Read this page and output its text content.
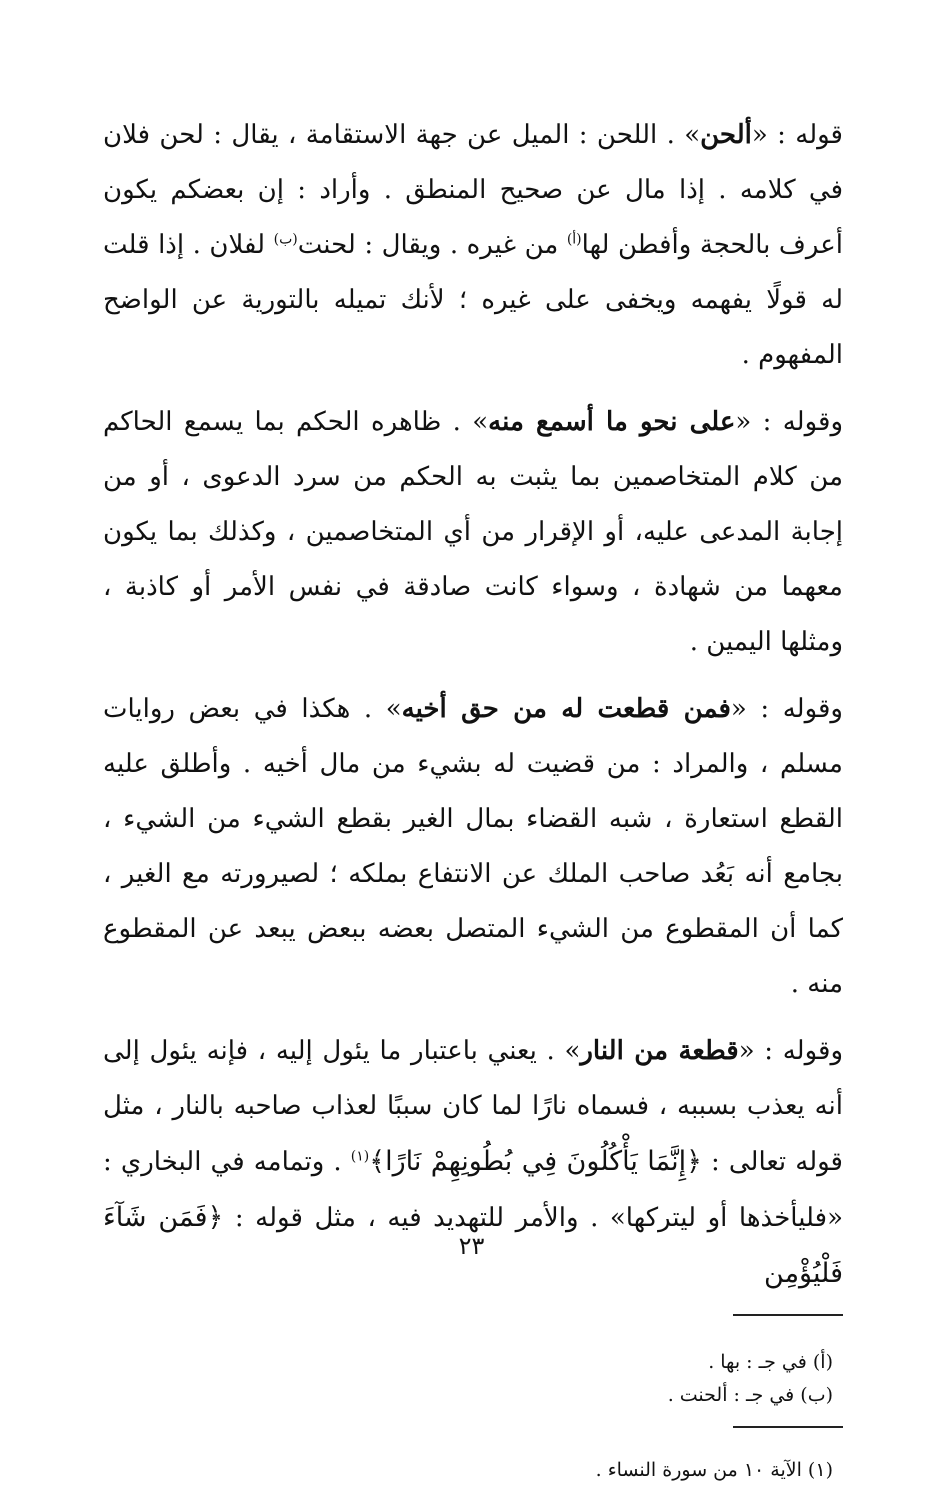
قوله : «ألحن» . اللحن : الميل عن جهة الاستقامة ، يقال : لحن فلان في كلامه . إذا مال عن صحيح المنطق . وأراد : إن بعضكم يكون أعرف بالحجة وأفطن لها$^{(أ)}$ من غيره . ويقال : لحنت$^{(ب)}$ لفلان . إذا قلت له قولًا يفهمه ويخفى على غيره ؛ لأنك تميله بالتورية عن الواضح المفهوم .

وقوله : «على نحو ما أسمع منه» . ظاهره الحكم بما يسمع الحاكم من كلام المتخاصمين بما يثبت به الحكم من سرد الدعوى ، أو من إجابة المدعى عليه، أو الإقرار من أي المتخاصمين ، وكذلك بما يكون معهما من شهادة ، وسواء كانت صادقة في نفس الأمر أو كاذبة ، ومثلها اليمين .

وقوله : «فمن قطعت له من حق أخيه» . هكذا في بعض روايات مسلم ، والمراد : من قضيت له بشيء من مال أخيه . وأطلق عليه القطع استعارة ، شبه القضاء بمال الغير بقطع الشيء من الشيء ، بجامع أنه بَعُد صاحب الملك عن الانتفاع بملكه ؛ لصيرورته مع الغير ، كما أن المقطوع من الشيء المتصل بعضه ببعض يبعد عن المقطوع منه .

وقوله : «قطعة من النار» . يعني باعتبار ما يئول إليه ، فإنه يئول إلى أنه يعذب بسببه ، فسماه نارًا لما كان سببًا لعذاب صاحبه بالنار ، مثل قوله تعالى : ﴿إِنَّمَا يَأْكُلُونَ فِي بُطُونِهِمْ نَارًا﴾$^{(١)}$ . وتمامه في البخاري : «فليأخذها أو ليتركها» . والأمر للتهديد فيه ، مثل قوله : ﴿فَمَن شَآءَ فَلْيُؤْمِن

(أ) في جـ : بها .

(ب) في جـ : ألحنت .

(١) الآية ١٠ من سورة النساء .

٢٣
